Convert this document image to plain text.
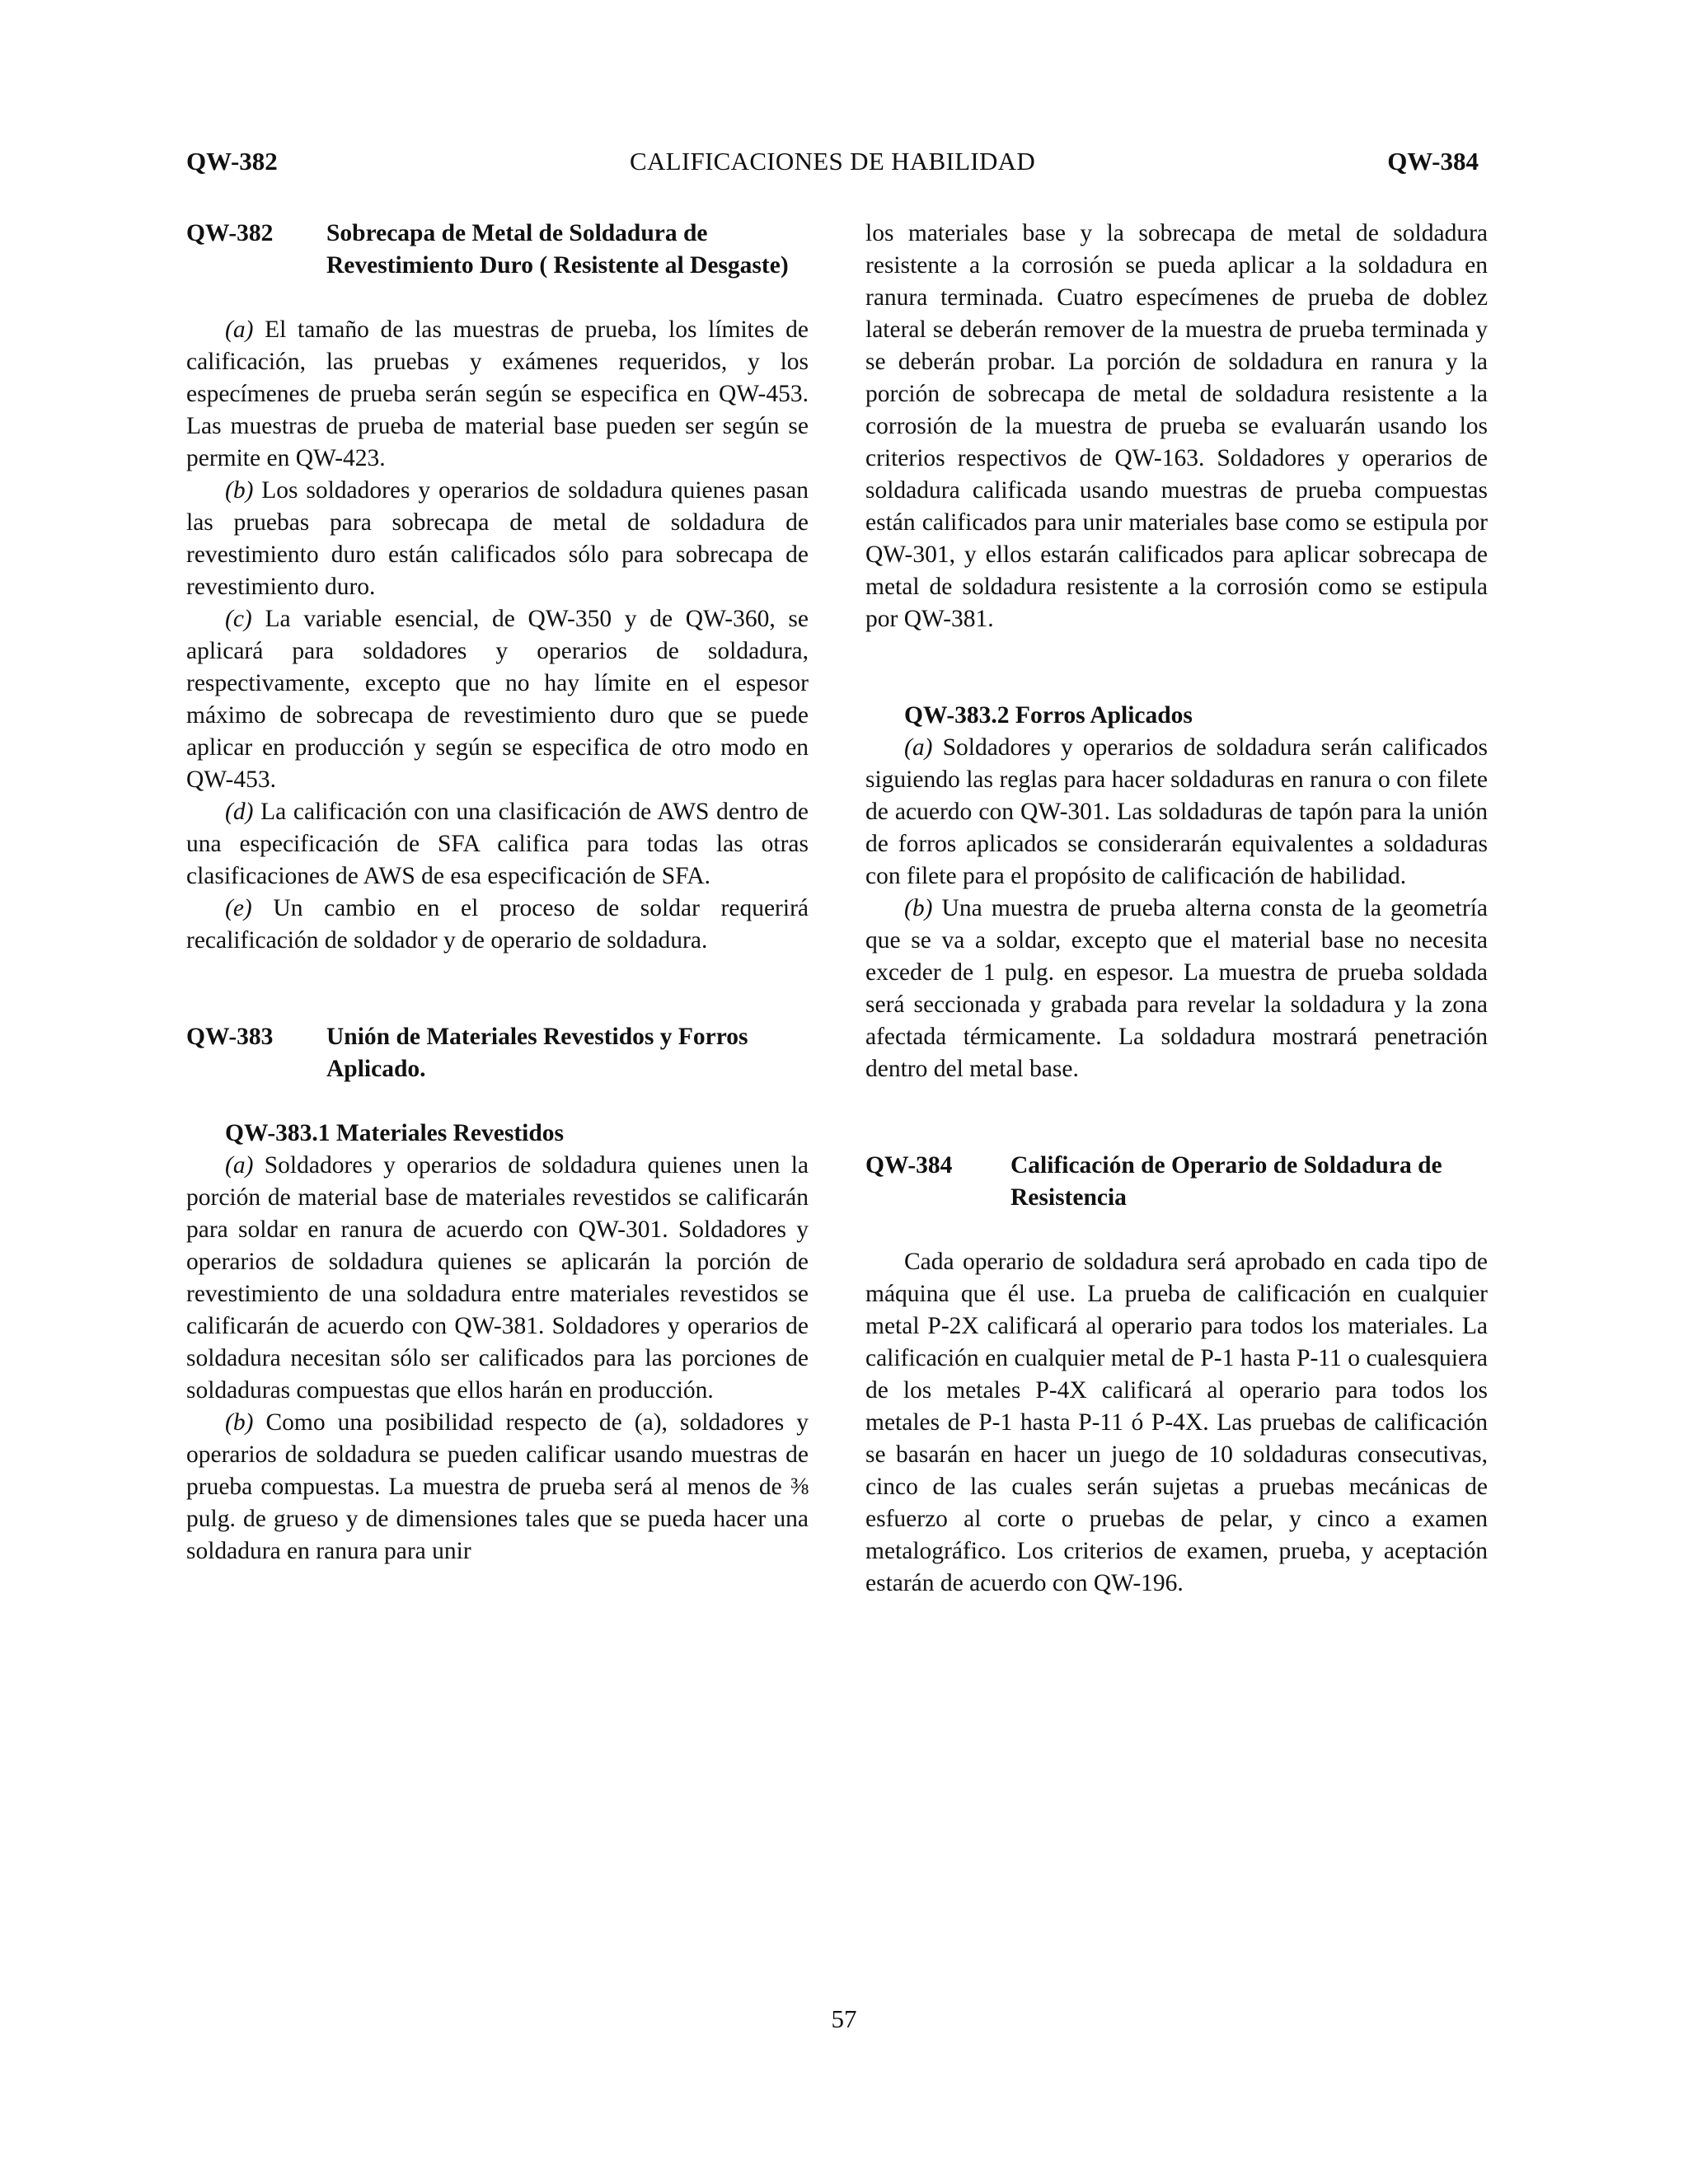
QW-382	CALIFICACIONES DE HABILIDAD	QW-384
QW-382	Sobrecapa de Metal de Soldadura de Revestimiento Duro ( Resistente al Desgaste)

(a) El tamaño de las muestras de prueba, los límites de calificación, las pruebas y exámenes requeridos, y los especímenes de prueba serán según se especifica en QW-453. Las muestras de prueba de material base pueden ser según se permite en QW-423.

(b) Los soldadores y operarios de soldadura quienes pasan las pruebas para sobrecapa de metal de soldadura de revestimiento duro están calificados sólo para sobrecapa de revestimiento duro.

(c) La variable esencial, de QW-350 y de QW-360, se aplicará para soldadores y operarios de soldadura, respectivamente, excepto que no hay límite en el espesor máximo de sobrecapa de revestimiento duro que se puede aplicar en producción y según se especifica de otro modo en QW-453.

(d) La calificación con una clasificación de AWS dentro de una especificación de SFA califica para todas las otras clasificaciones de AWS de esa especificación de SFA.

(e) Un cambio en el proceso de soldar requerirá recalificación de soldador y de operario de soldadura.

QW-383	Unión de Materiales Revestidos y Forros Aplicado.
QW-383.1 Materiales Revestidos

(a) Soldadores y operarios de soldadura quienes unen la porción de material base de materiales revestidos se calificarán para soldar en ranura de acuerdo con QW-301. Soldadores y operarios de soldadura quienes se aplicarán la porción de revestimiento de una soldadura entre materiales revestidos se calificarán de acuerdo con QW-381. Soldadores y operarios de soldadura necesitan sólo ser calificados para las porciones de soldaduras compuestas que ellos harán en producción.

(b) Como una posibilidad respecto de (a), soldadores y operarios de soldadura se pueden calificar usando muestras de prueba compuestas. La muestra de prueba será al menos de ⅜ pulg. de grueso y de dimensiones tales que se pueda hacer una soldadura en ranura para unir

los materiales base y la sobrecapa de metal de soldadura resistente a la corrosión se pueda aplicar a la soldadura en ranura terminada. Cuatro especímenes de prueba de doblez lateral se deberán remover de la muestra de prueba terminada y se deberán probar. La porción de soldadura en ranura y la porción de sobrecapa de metal de soldadura resistente a la corrosión de la muestra de prueba se evaluarán usando los criterios respectivos de QW-163. Soldadores y operarios de soldadura calificada usando muestras de prueba compuestas están calificados para unir materiales base como se estipula por QW-301, y ellos estarán calificados para aplicar sobrecapa de metal de soldadura resistente a la corrosión como se estipula por QW-381.

QW-383.2 Forros Aplicados

(a) Soldadores y operarios de soldadura serán calificados siguiendo las reglas para hacer soldaduras en ranura o con filete de acuerdo con QW-301. Las soldaduras de tapón para la unión de forros aplicados se considerarán equivalentes a soldaduras con filete para el propósito de calificación de habilidad.

(b) Una muestra de prueba alterna consta de la geometría que se va a soldar, excepto que el material base no necesita exceder de 1 pulg. en espesor. La muestra de prueba soldada será seccionada y grabada para revelar la soldadura y la zona afectada térmicamente. La soldadura mostrará penetración dentro del metal base.

QW-384	Calificación de Operario de Soldadura de Resistencia

Cada operario de soldadura será aprobado en cada tipo de máquina que él use. La prueba de calificación en cualquier metal P-2X calificará al operario para todos los materiales. La calificación en cualquier metal de P-1 hasta P-11 o cualesquiera de los metales P-4X calificará al operario para todos los metales de P-1 hasta P-11 ó P-4X. Las pruebas de calificación se basarán en hacer un juego de 10 soldaduras consecutivas, cinco de las cuales serán sujetas a pruebas mecánicas de esfuerzo al corte o pruebas de pelar, y cinco a examen metalográfico. Los criterios de examen, prueba, y aceptación estarán de acuerdo con QW-196.

57
